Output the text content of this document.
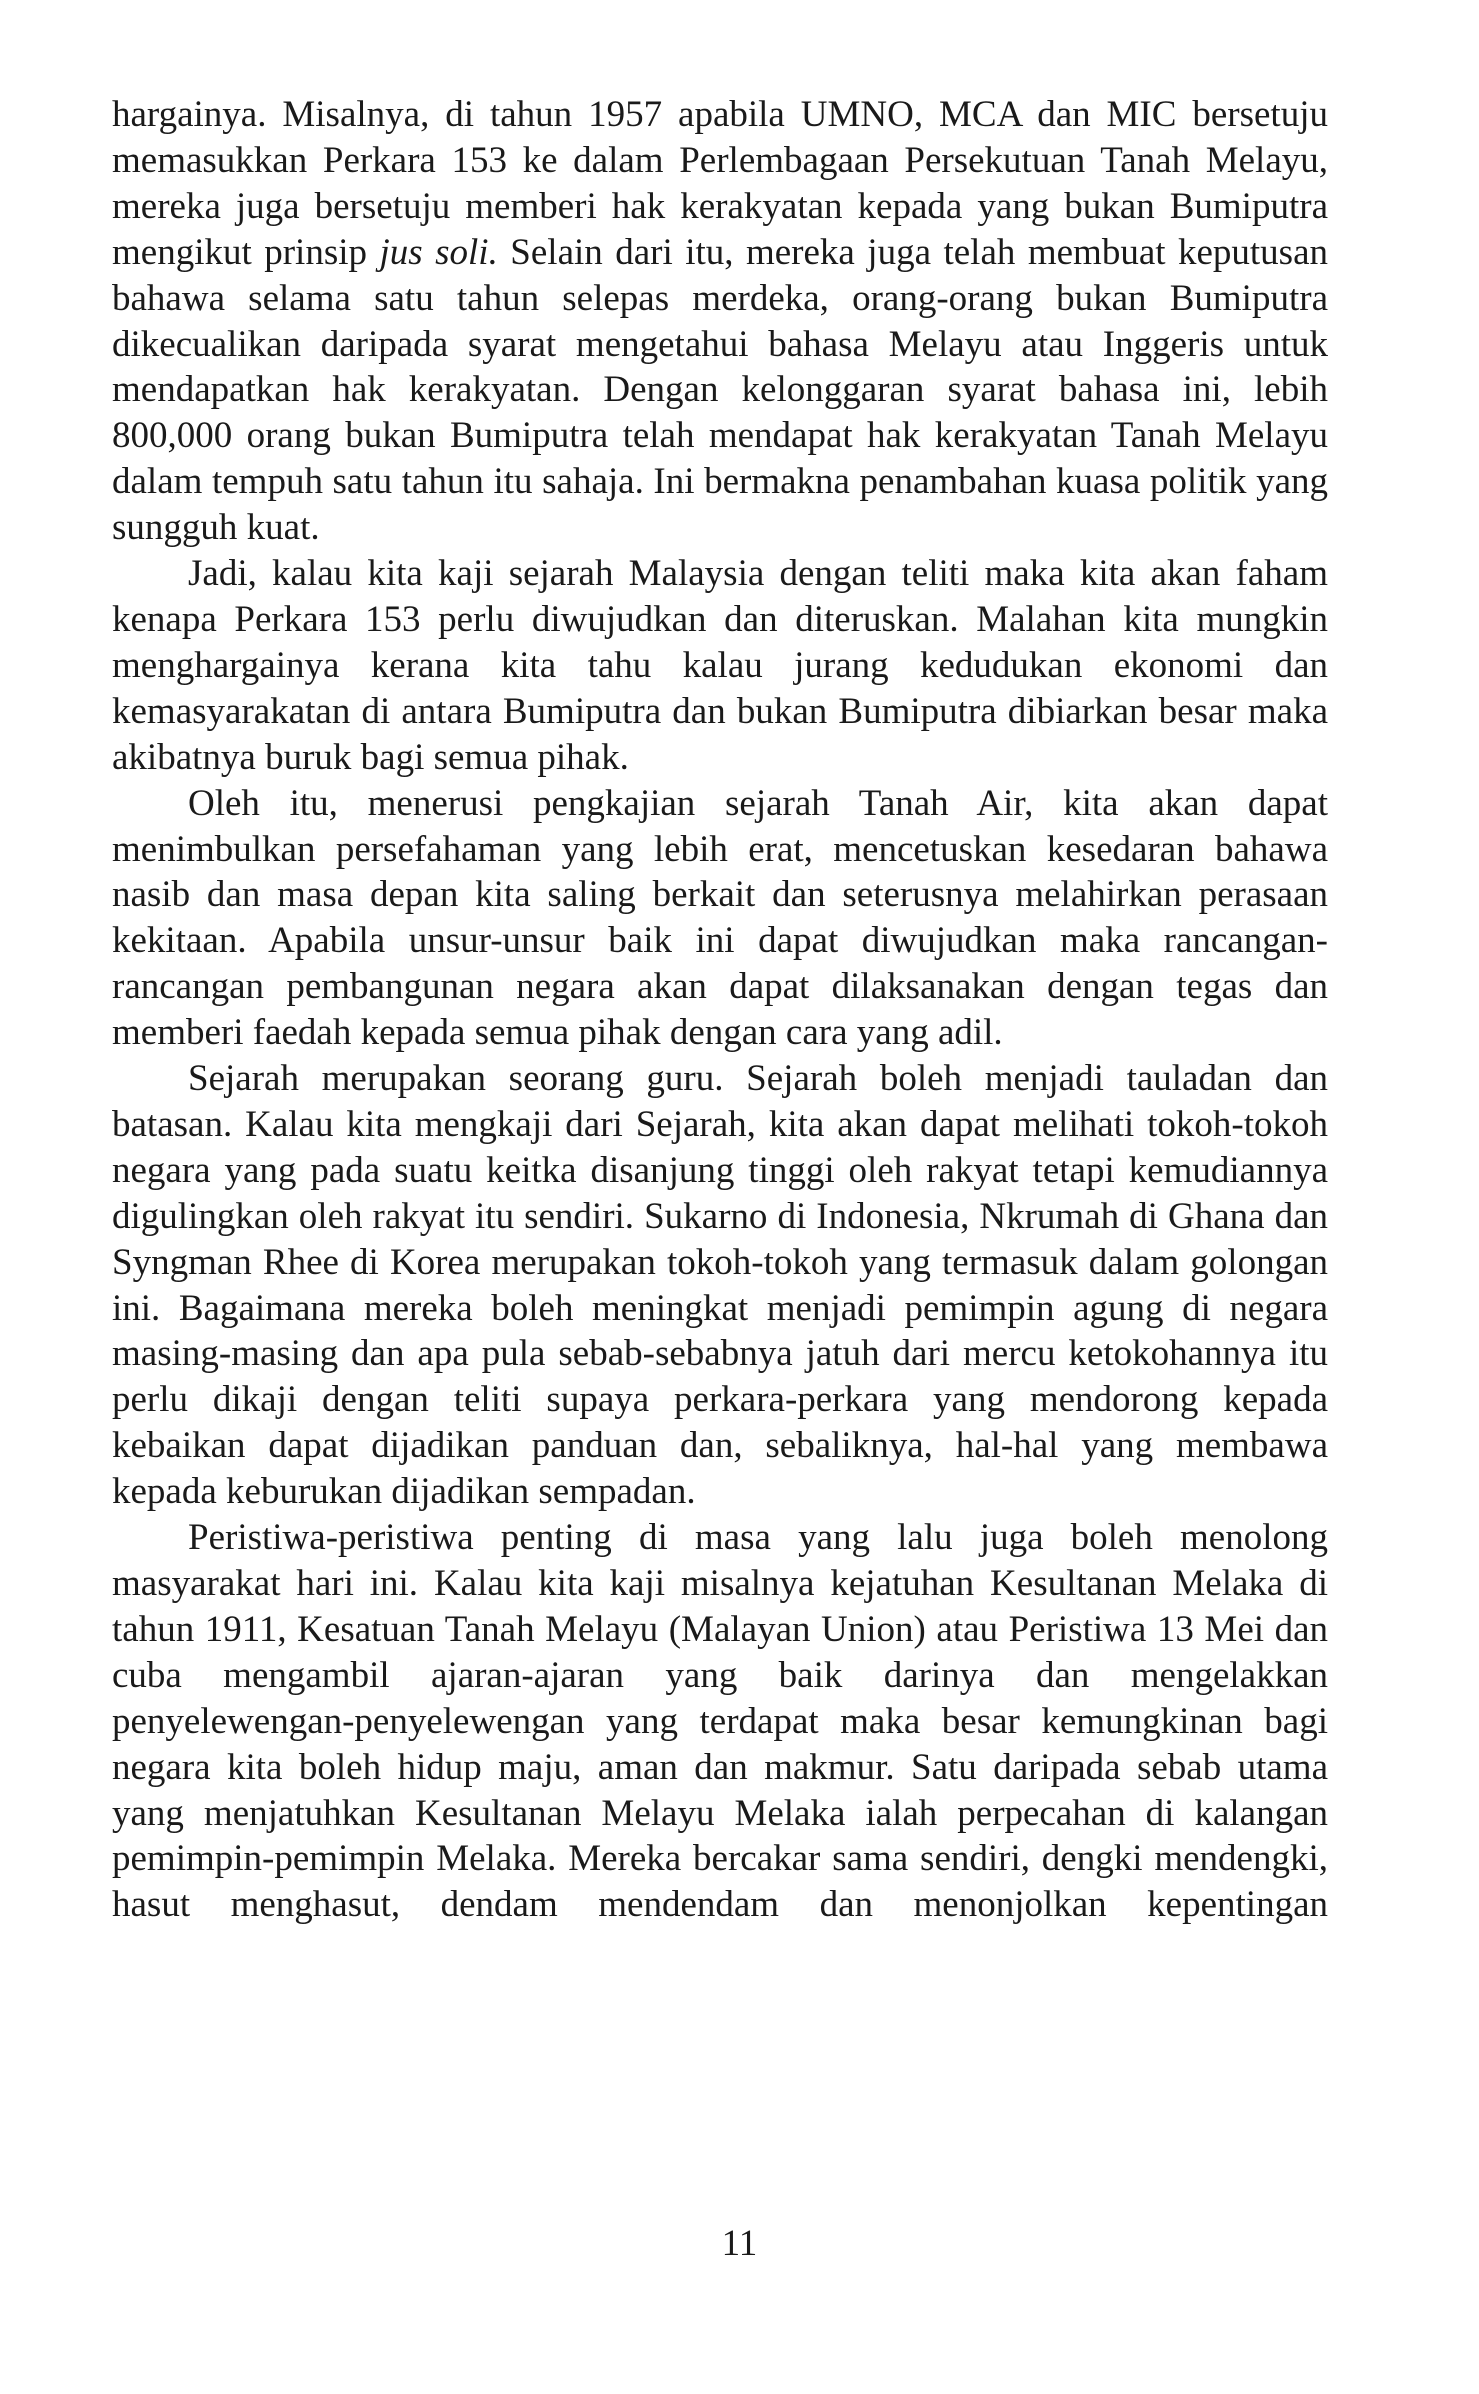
hargainya. Misalnya, di tahun 1957 apabila UMNO, MCA dan MIC bersetuju memasukkan Perkara 153 ke dalam Perlembagaan Persekutuan Tanah Melayu, mereka juga bersetuju memberi hak kerakyatan kepada yang bukan Bumiputra mengikut prinsip jus soli. Selain dari itu, mereka juga telah membuat keputusan bahawa selama satu tahun selepas merdeka, orang-orang bukan Bumiputra dikecualikan daripada syarat mengetahui bahasa Melayu atau Inggeris untuk mendapatkan hak kerakyatan. Dengan kelonggaran syarat bahasa ini, lebih 800,000 orang bukan Bumiputra telah mendapat hak kerakyatan Tanah Melayu dalam tempuh satu tahun itu sahaja. Ini bermakna penambahan kuasa politik yang sungguh kuat.

Jadi, kalau kita kaji sejarah Malaysia dengan teliti maka kita akan faham kenapa Perkara 153 perlu diwujudkan dan diteruskan. Malahan kita mungkin menghargainya kerana kita tahu kalau jurang kedudukan ekonomi dan kemasyarakatan di antara Bumiputra dan bukan Bumiputra dibiarkan besar maka akibatnya buruk bagi semua pihak.

Oleh itu, menerusi pengkajian sejarah Tanah Air, kita akan dapat menimbulkan persefahaman yang lebih erat, mencetuskan kesedaran bahawa nasib dan masa depan kita saling berkait dan seterusnya melahirkan perasaan kekitaan. Apabila unsur-unsur baik ini dapat diwujudkan maka rancangan-rancangan pembangunan negara akan dapat dilaksanakan dengan tegas dan memberi faedah kepada semua pihak dengan cara yang adil.

Sejarah merupakan seorang guru. Sejarah boleh menjadi tauladan dan batasan. Kalau kita mengkaji dari Sejarah, kita akan dapat melihati tokoh-tokoh negara yang pada suatu keitka disanjung tinggi oleh rakyat tetapi kemudiannya digulingkan oleh rakyat itu sendiri. Sukarno di Indonesia, Nkrumah di Ghana dan Syngman Rhee di Korea merupakan tokoh-tokoh yang termasuk dalam golongan ini. Bagaimana mereka boleh meningkat menjadi pemimpin agung di negara masing-masing dan apa pula sebab-sebabnya jatuh dari mercu ketokohannya itu perlu dikaji dengan teliti supaya perkara-perkara yang mendorong kepada kebaikan dapat dijadikan panduan dan, sebaliknya, hal-hal yang membawa kepada keburukan dijadikan sempadan.

Peristiwa-peristiwa penting di masa yang lalu juga boleh menolong masyarakat hari ini. Kalau kita kaji misalnya kejatuhan Kesultanan Melaka di tahun 1911, Kesatuan Tanah Melayu (Malayan Union) atau Peristiwa 13 Mei dan cuba mengambil ajaran-ajaran yang baik darinya dan mengelakkan penyelewengan-penyelewengan yang terdapat maka besar kemungkinan bagi negara kita boleh hidup maju, aman dan makmur. Satu daripada sebab utama yang menjatuhkan Kesultanan Melayu Melaka ialah perpecahan di kalangan pemimpin-pemimpin Melaka. Mereka bercakar sama sendiri, dengki mendengki, hasut menghasut, dendam mendendam dan menonjolkan kepentingan

11
